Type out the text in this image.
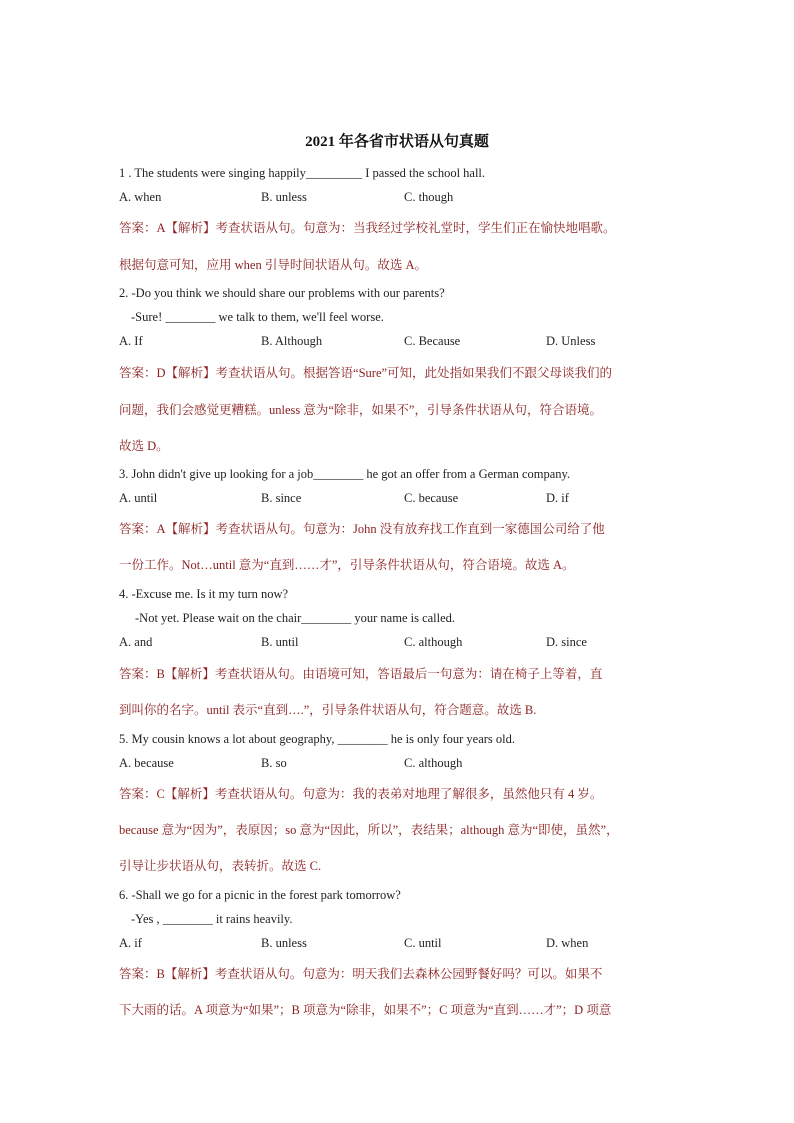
2021 年各省市状语从句真题
1 . The students were singing happily_________ I passed the school hall.
A. when	B. unless	C. though
答案：A【解析】考查状语从句。句意为：当我经过学校礼堂时，学生们正在愉快地唱歌。
根据句意可知，应用 when 引导时间状语从句。故选 A。
2. -Do you think we should share our problems with our parents?
-Sure! ________ we talk to them, we'll feel worse.
A. If	B. Although	C. Because	D. Unless
答案：D【解析】考查状语从句。根据答语“Sure”可知，此处指如果我们不跟父母谈我们的
问题，我们会感觉更糟糕。unless 意为“除非，如果不”，引导条件状语从句，符合语境。
故选 D。
3. John didn't give up looking for a job________ he got an offer from a German company.
A. until	B. since	C. because	D. if
答案：A【解析】考查状语从句。句意为：John 没有放弃找工作直到一家德国公司给了他
一份工作。Not…until 意为“直到……才”，引导条件状语从句，符合语境。故选 A。
4. -Excuse me. Is it my turn now?
-Not yet. Please wait on the chair________ your name is called.
A. and	B. until	C. although	D. since
答案：B【解析】考查状语从句。由语境可知，答语最后一句意为：请在椅子上等着，直
到叫你的名字。until 表示“直到….”，引导条件状语从句，符合题意。故选 B.
5. My cousin knows a lot about geography, ________ he is only four years old.
A. because	B. so	C. although
答案：C【解析】考查状语从句。句意为：我的表弟对地理了解很多，虽然他只有 4 岁。
because 意为“因为”，表原因；so 意为“因此，所以”，表结果；although 意为“即使，虽然”，
引导让步状语从句，表转折。故选 C.
6. -Shall we go for a picnic in the forest park tomorrow?
-Yes , ________ it rains heavily.
A. if	B. unless	C. until	D. when
答案：B【解析】考查状语从句。句意为：明天我们去森林公园野餐好吗？可以。如果不
下大雨的话。A 项意为“如果”；B 项意为“除非，如果不”；C 项意为“直到……才”；D 项意
